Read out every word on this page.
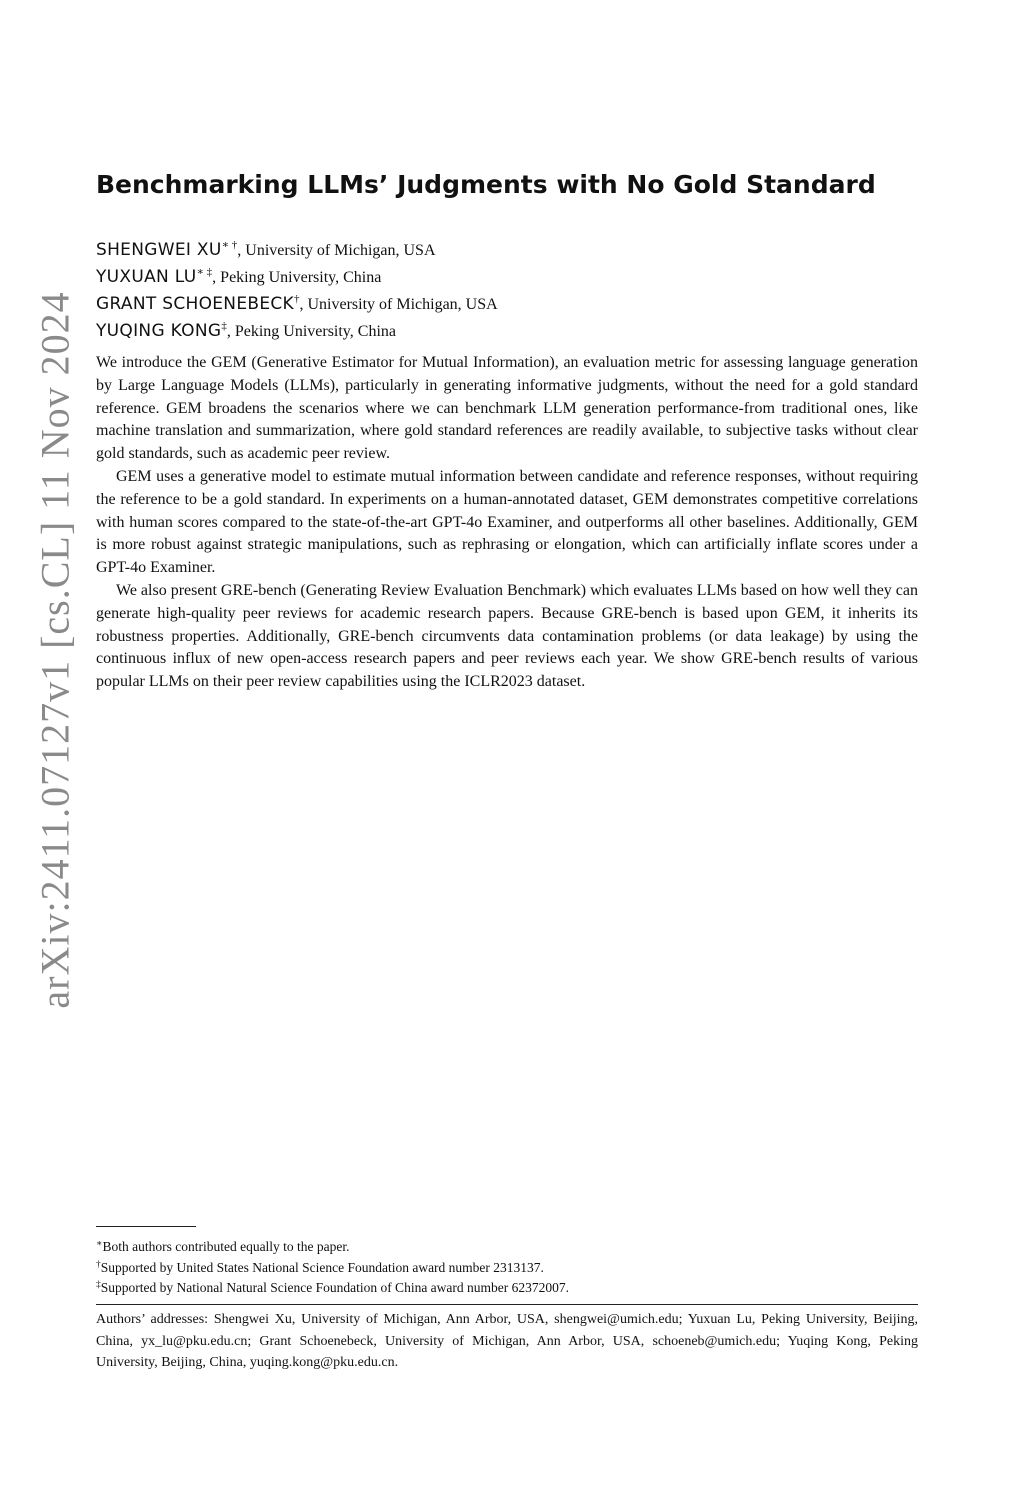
arXiv:2411.07127v1 [cs.CL] 11 Nov 2024
Benchmarking LLMs’ Judgments with No Gold Standard
SHENGWEI XU∗ †, University of Michigan, USA
YUXUAN LU∗ ‡, Peking University, China
GRANT SCHOENEBECK†, University of Michigan, USA
YUQING KONG‡, Peking University, China

We introduce the GEM (Generative Estimator for Mutual Information), an evaluation metric for assessing language generation by Large Language Models (LLMs), particularly in generating informative judgments, without the need for a gold standard reference. GEM broadens the scenarios where we can benchmark LLM generation performance-from traditional ones, like machine translation and summarization, where gold standard references are readily available, to subjective tasks without clear gold standards, such as academic peer review.

GEM uses a generative model to estimate mutual information between candidate and reference responses, without requiring the reference to be a gold standard. In experiments on a human-annotated dataset, GEM demonstrates competitive correlations with human scores compared to the state-of-the-art GPT-4o Examiner, and outperforms all other baselines. Additionally, GEM is more robust against strategic manipulations, such as rephrasing or elongation, which can artificially inflate scores under a GPT-4o Examiner.

We also present GRE-bench (Generating Review Evaluation Benchmark) which evaluates LLMs based on how well they can generate high-quality peer reviews for academic research papers. Because GRE-bench is based upon GEM, it inherits its robustness properties. Additionally, GRE-bench circumvents data contamination problems (or data leakage) by using the continuous influx of new open-access research papers and peer reviews each year. We show GRE-bench results of various popular LLMs on their peer review capabilities using the ICLR2023 dataset.

∗Both authors contributed equally to the paper.
†Supported by United States National Science Foundation award number 2313137.
‡Supported by National Natural Science Foundation of China award number 62372007.
Authors’ addresses: Shengwei Xu, University of Michigan, Ann Arbor, USA, shengwei@umich.edu; Yuxuan Lu, Peking University, Beijing, China, yx_lu@pku.edu.cn; Grant Schoenebeck, University of Michigan, Ann Arbor, USA, schoeneb@umich.edu; Yuqing Kong, Peking University, Beijing, China, yuqing.kong@pku.edu.cn.
